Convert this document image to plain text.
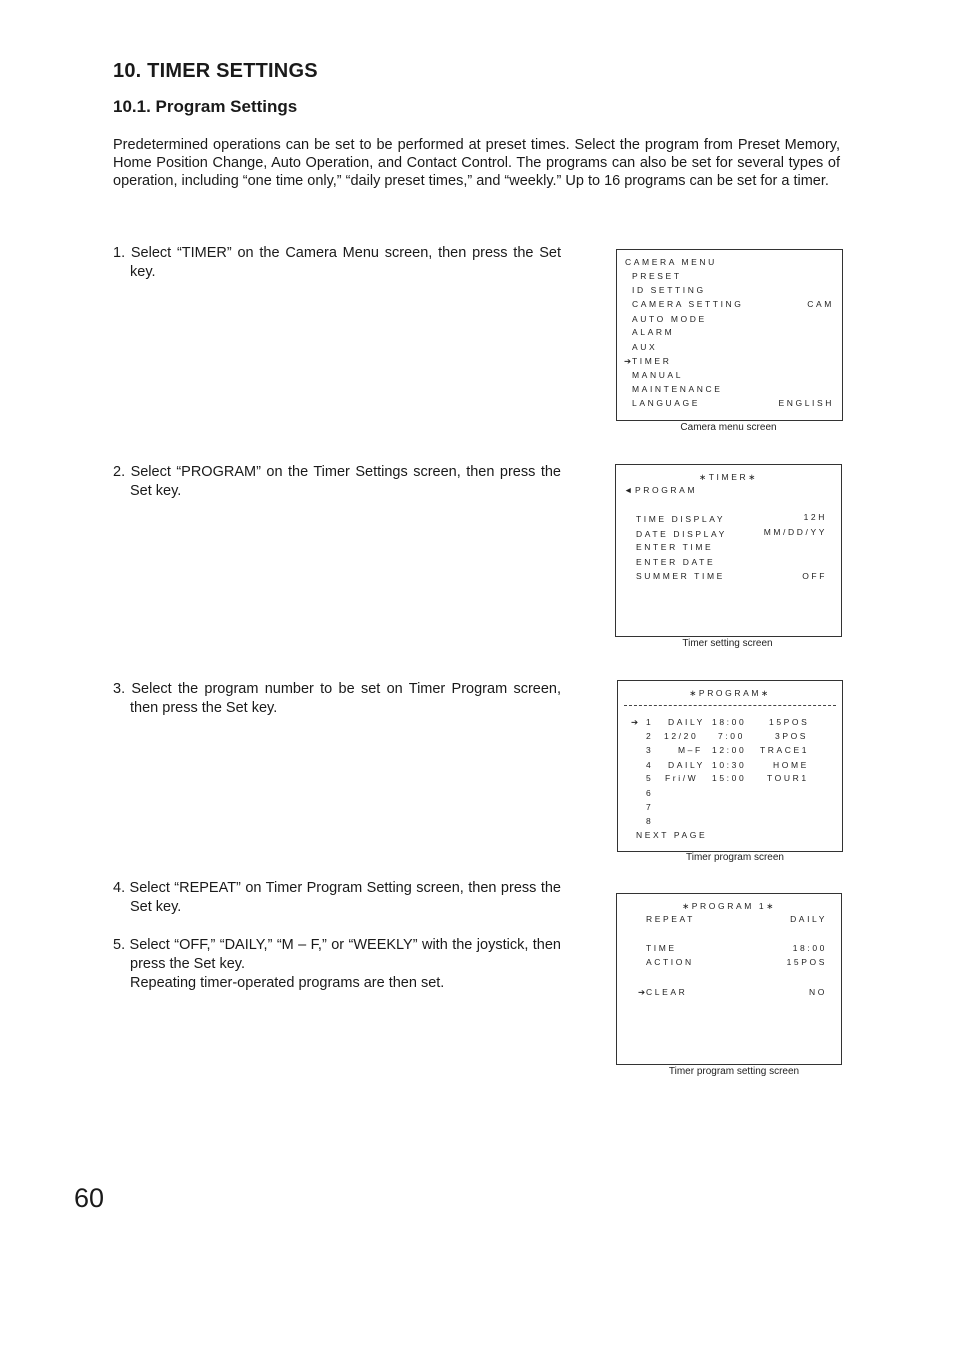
10. TIMER SETTINGS
10.1. Program Settings
Predetermined operations can be set to be performed at preset times. Select the program from Preset Memory, Home Position Change, Auto Operation, and Contact Control. The programs can also be set for several types of operation, including “one time only,” “daily preset times,” and “weekly.” Up to 16 programs can be set for a timer.
1. Select “TIMER” on the Camera Menu screen, then press the Set key.
2. Select “PROGRAM” on the Timer Settings screen, then press the Set key.
3. Select the program number to be set on Timer Program screen, then press the Set key.
4. Select “REPEAT” on Timer Program Setting screen, then press the Set key.
5. Select “OFF,” “DAILY,” “M – F,” or “WEEKLY” with the joystick, then press the Set key.
Repeating timer-operated programs are then set.
CAMERA MENU
PRESET
ID SETTING
CAMERA SETTING	CAM
AUTO MODE
ALARM
AUX
➔ TIMER
MANUAL
MAINTENANCE
LANGUAGE	ENGLISH
Camera menu screen
∗TIMER∗
◄ PROGRAM
TIME DISPLAY	12H
DATE DISPLAY	MM/DD/YY
ENTER TIME
ENTER DATE
SUMMER TIME	OFF
Timer setting screen
∗PROGRAM∗
➔ 1 DAILY 18:00	15POS
2 12/20 7:00	3POS
3	M–F 12:00 TRACE1
4 DAILY 10:30	HOME
5 Fri/W 15:00 TOUR1
6
7
8
NEXT PAGE
Timer program screen
∗PROGRAM 1∗
REPEAT	DAILY
TIME	18:00
ACTION	15POS
➔ CLEAR	NO
Timer program setting screen
60
